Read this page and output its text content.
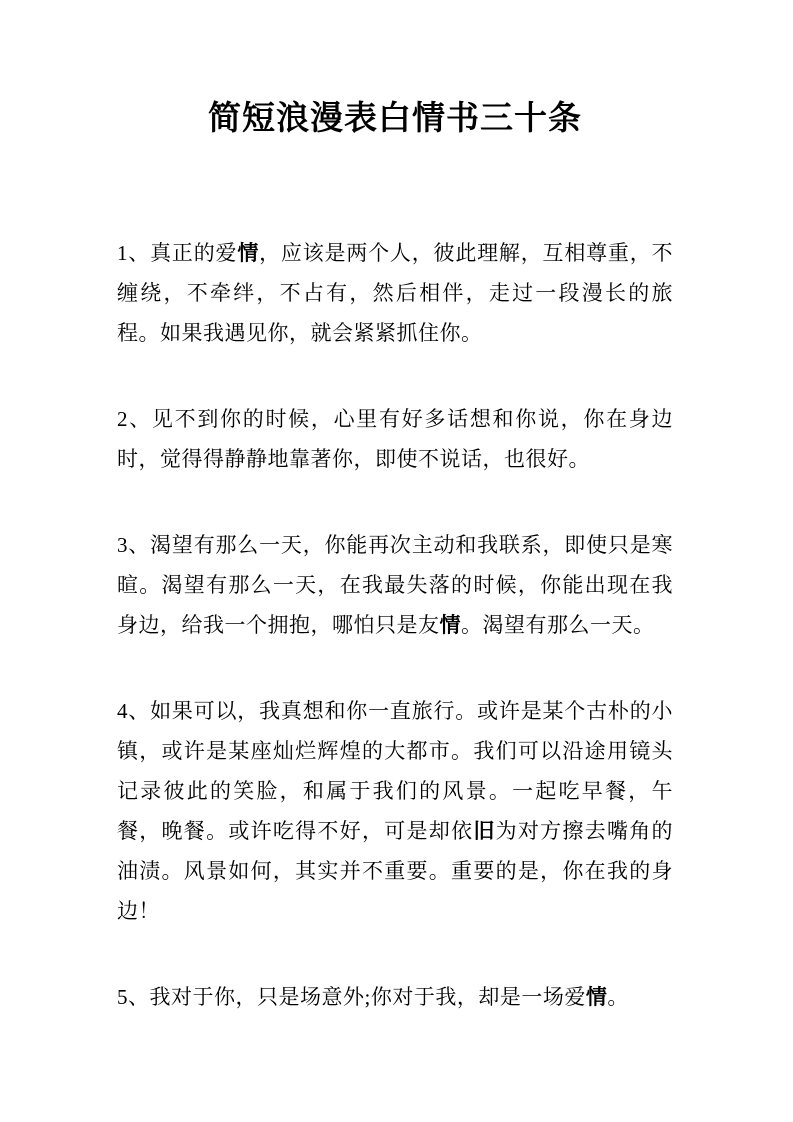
简短浪漫表白情书三十条

1、真正的爱情，应该是两个人，彼此理解，互相尊重，不缠绕，不牵绊，不占有，然后相伴，走过一段漫长的旅程。如果我遇见你，就会紧紧抓住你。

2、见不到你的时候，心里有好多话想和你说，你在身边时，觉得得静静地靠著你，即使不说话，也很好。

3、渴望有那么一天，你能再次主动和我联系，即使只是寒暄。渴望有那么一天，在我最失落的时候，你能出现在我身边，给我一个拥抱，哪怕只是友情。渴望有那么一天。

4、如果可以，我真想和你一直旅行。或许是某个古朴的小镇，或许是某座灿烂辉煌的大都市。我们可以沿途用镜头记录彼此的笑脸，和属于我们的风景。一起吃早餐，午餐，晚餐。或许吃得不好，可是却依旧为对方擦去嘴角的油渍。风景如何，其实并不重要。重要的是，你在我的身边！

5、我对于你，只是场意外;你对于我，却是一场爱情。
